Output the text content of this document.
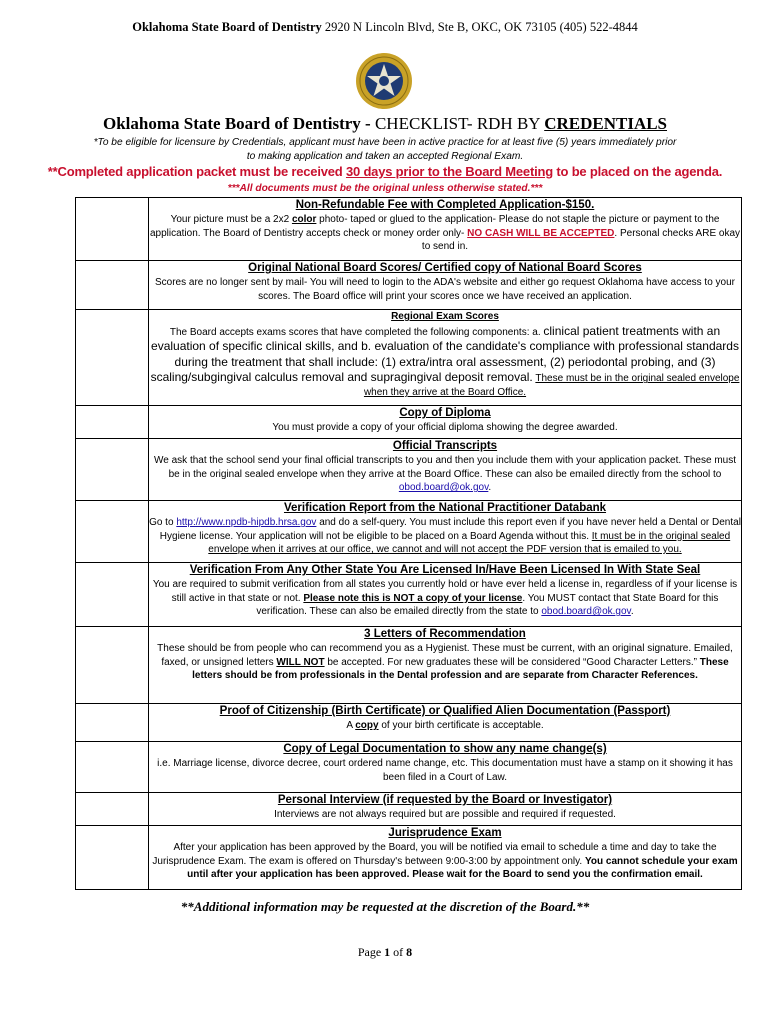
Oklahoma State Board of Dentistry 2920 N Lincoln Blvd, Ste B, OKC, OK 73105 (405) 522-4844
Oklahoma State Board of Dentistry - CHECKLIST- RDH BY CREDENTIALS
*To be eligible for licensure by Credentials, applicant must have been in active practice for at least five (5) years immediately prior to making application and taken an accepted Regional Exam.
**Completed application packet must be received 30 days prior to the Board Meeting to be placed on the agenda.
***All documents must be the original unless otherwise stated.***

	Non-Refundable Fee with Completed Application-$150.
Your picture must be a 2x2 color photo- taped or glued to the application- Please do not staple the picture or payment to the application. The Board of Dentistry accepts check or money order only- NO CASH WILL BE ACCEPTED. Personal checks ARE okay to send in.

	Original National Board Scores/ Certified copy of National Board Scores
Scores are no longer sent by mail- You will need to login to the ADA's website and either go request Oklahoma have access to your scores. The Board office will print your scores once we have received an application.

	Regional Exam Scores
The Board accepts exams scores that have completed the following components: a. clinical patient treatments with an evaluation of specific clinical skills, and b. evaluation of the candidate's compliance with professional standards during the treatment that shall include: (1) extra/intra oral assessment, (2) periodontal probing, and (3) scaling/subgingival calculus removal and supragingival deposit removal. These must be in the original sealed envelope when they arrive at the Board Office.

	Copy of Diploma
You must provide a copy of your official diploma showing the degree awarded.

	Official Transcripts
We ask that the school send your final official transcripts to you and then you include them with your application packet. These must be in the original sealed envelope when they arrive at the Board Office. These can also be emailed directly from the school to obod.board@ok.gov.

	Verification Report from the National Practitioner Databank
Go to http://www.npdb-hipdb.hrsa.gov and do a self-query. You must include this report even if you have never held a Dental or Dental Hygiene license. Your application will not be eligible to be placed on a Board Agenda without this. It must be in the original sealed envelope when it arrives at our office, we cannot and will not accept the PDF version that is emailed to you.

	Verification From Any Other State You Are Licensed In/Have Been Licensed In With State Seal
You are required to submit verification from all states you currently hold or have ever held a license in, regardless of if your license is still active in that state or not. Please note this is NOT a copy of your license. You MUST contact that State Board for this verification. These can also be emailed directly from the state to obod.board@ok.gov.

	3 Letters of Recommendation
These should be from people who can recommend you as a Hygienist. These must be current, with an original signature. Emailed, faxed, or unsigned letters WILL NOT be accepted. For new graduates these will be considered “Good Character Letters.” These letters should be from professionals in the Dental profession and are separate from Character References.

	Proof of Citizenship (Birth Certificate) or Qualified Alien Documentation (Passport)
A copy of your birth certificate is acceptable.

	Copy of Legal Documentation to show any name change(s)
i.e. Marriage license, divorce decree, court ordered name change, etc. This documentation must have a stamp on it showing it has been filed in a Court of Law.

	Personal Interview (if requested by the Board or Investigator)
Interviews are not always required but are possible and required if requested.

	Jurisprudence Exam
After your application has been approved by the Board, you will be notified via email to schedule a time and day to take the Jurisprudence Exam. The exam is offered on Thursday's between 9:00-3:00 by appointment only. You cannot schedule your exam until after your application has been approved. Please wait for the Board to send you the confirmation email.
**Additional information may be requested at the discretion of the Board.**
Page 1 of 8
